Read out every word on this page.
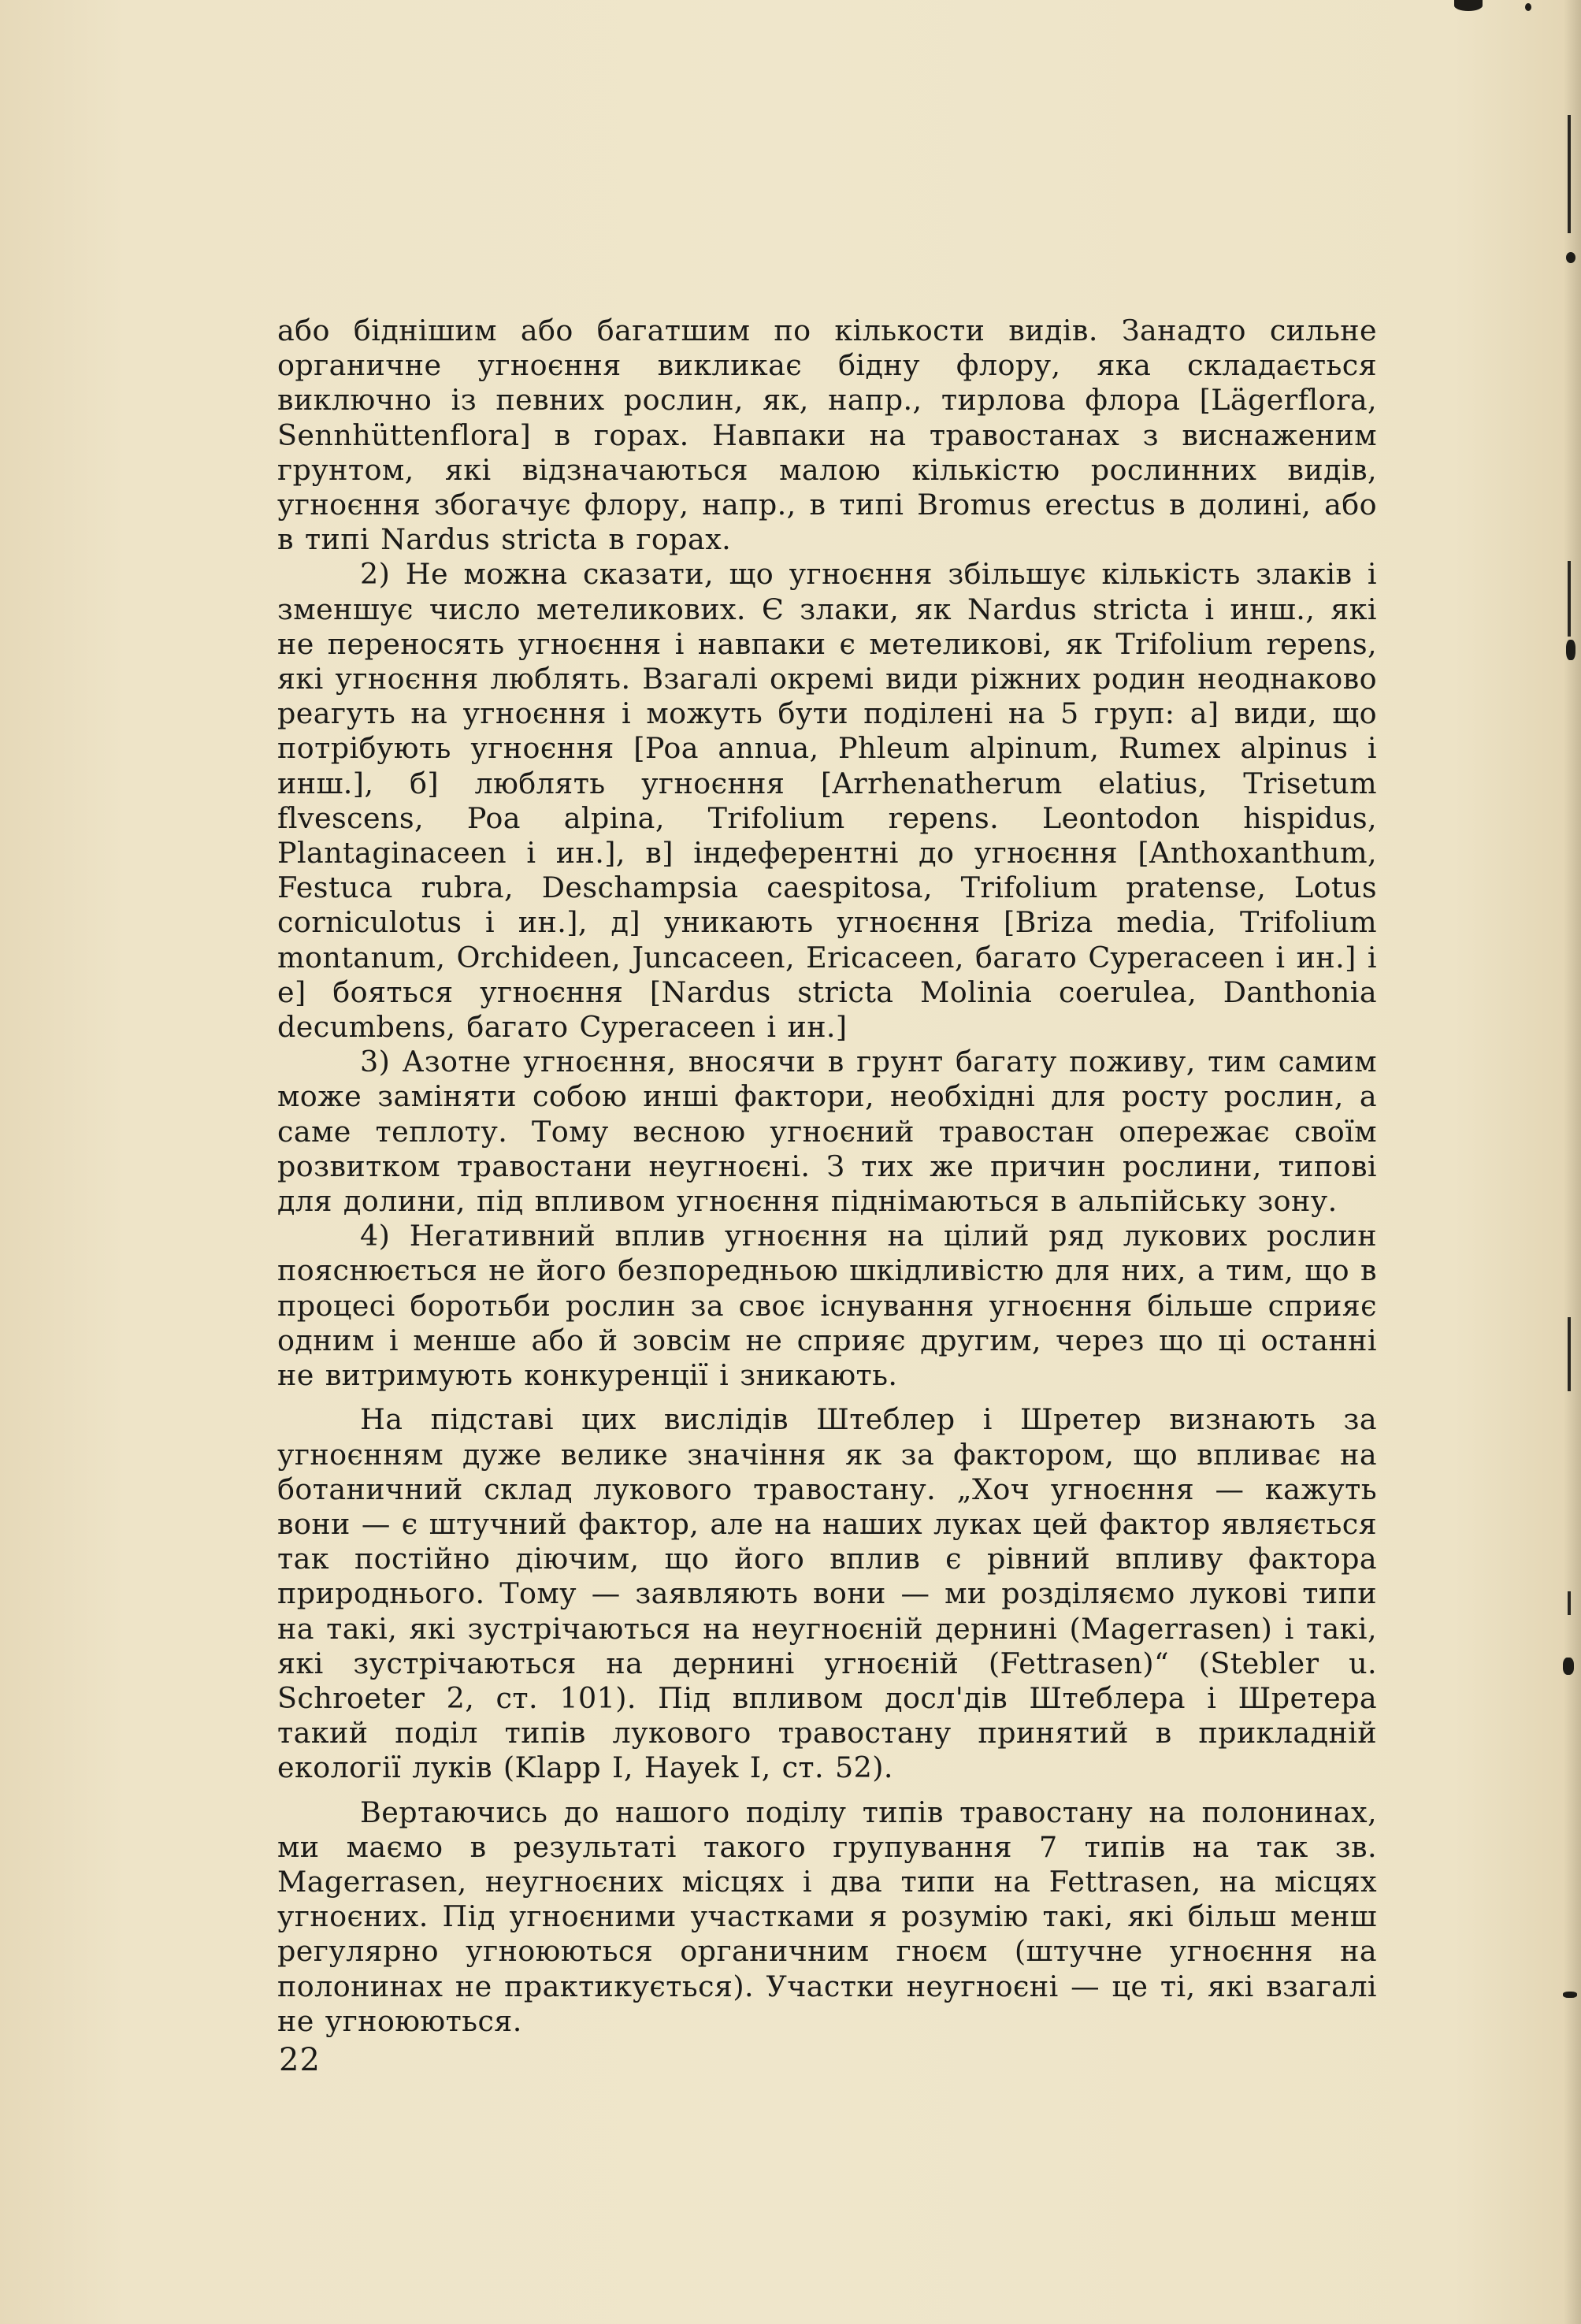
або біднішим або багатшим по кількости видів. Занадто сильне органичне угноєння викликає бідну флору, яка складається виключно із певних рослин, як, напр., тирлова флора [Lägerflora, Sennhüttenflora] в горах. Навпаки на травостанах з виснаженим грунтом, які відзначаються малою кількістю рослинних видів, угноєння збогачує флору, напр., в типі Bromus erectus в долині, або в типі Nardus stricta в горах.

2) Не можна сказати, що угноєння збільшує кількість злаків і зменшує число метеликових. Є злаки, як Nardus stricta і инш., які не переносять угноєння і навпаки є метеликові, як Trifolium repens, які угноєння люблять. Взагалі окремі види ріжних родин неоднаково реагуть на угноєння і можуть бути поділені на 5 груп: а] види, що потрібують угноєння [Poa annua, Phleum alpinum, Rumex alpinus і инш.], б] люблять угноєння [Arrhenatherum elatius, Trisetum flvescens, Poa alpina, Trifolium repens. Leontodon hispidus, Plantaginaceen і ин.], в] індеферентні до угноєння [Anthoxanthum, Festuca rubra, Deschampsia caespitosa, Trifolium pratense, Lotus corniculotus і ин.], д] уникають угноєння [Briza media, Trifolium montanum, Orchideen, Juncaceen, Ericaceen, багато Cyperaceen і ин.] і е] бояться угноєння [Nardus stricta Molinia coerulea, Danthonia decumbens, багато Cyperaceen і ин.]

3) Азотне угноєння, вносячи в грунт багату поживу, тим самим може заміняти собою инші фактори, необхідні для росту рослин, а саме теплоту. Тому весною угноєний травостан опережає своїм розвитком травостани неугноєні. З тих же причин рослини, типові для долини, під впливом угноєння піднімаються в альпійську зону.

4) Негативний вплив угноєння на цілий ряд лукових рослин пояснюється не його безпоредньою шкідливістю для них, а тим, що в процесі боротьби рослин за своє існування угноєння більше сприяє одним і менше або й зовсім не сприяє другим, через що ці останні не витримують конкуренції і зникають.

На підставі цих вислідів Штеблер і Шретер визнають за угноєнням дуже велике значіння як за фактором, що впливає на ботаничний склад лукового травостану. „Хоч угноєння — кажуть вони — є штучний фактор, але на наших луках цей фактор являється так постійно діючим, що його вплив є рівний впливу фактора природнього. Тому — заявляють вони — ми розділяємо лукові типи на такі, які зустрічаються на неугноєній дернині (Magerrasen) і такі, які зустрічаються на дернині угноєній (Fettrasen)“ (Stebler u. Schroeter 2, ст. 101). Під впливом досл'дів Штеблера і Шретера такий поділ типів лукового травостану принятий в прикладній екології луків (Klapp I, Hayek I, ст. 52).

Вертаючись до нашого поділу типів травостану на полонинах, ми маємо в результаті такого групування 7 типів на так зв. Magerrasen, неугноєних місцях і два типи на Fettrasen, на місцях угноєних. Під угноєними участками я розумію такі, які більш менш регулярно угноюються органичним гноєм (штучне угноєння на полонинах не практикується). Участки неугноєні — це ті, які взагалі не угноюються.

22
